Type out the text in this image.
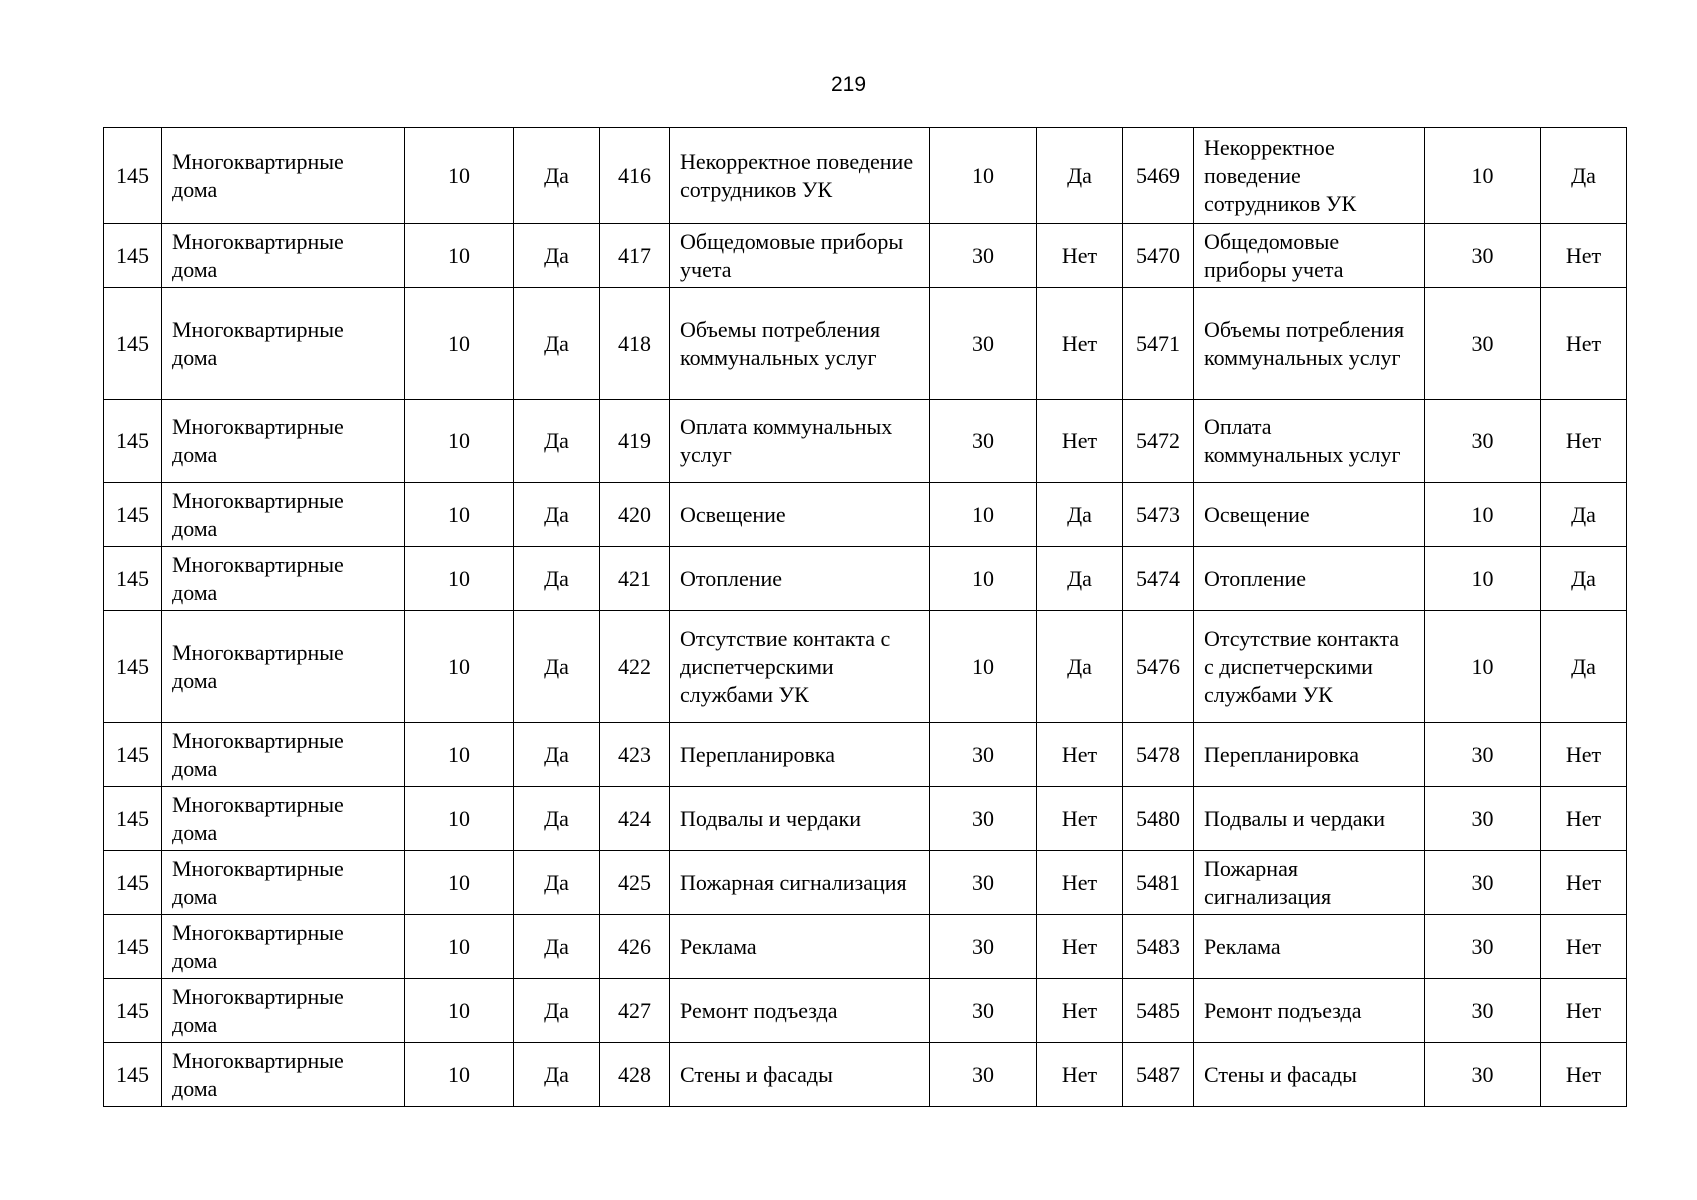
219
145	Многоквартирные дома	10	Да	416	Некорректное поведение сотрудников УК	10	Да	5469	Некорректное поведение сотрудников УК	10	Да
145	Многоквартирные дома	10	Да	417	Общедомовые приборы учета	30	Нет	5470	Общедомовые приборы учета	30	Нет
145	Многоквартирные дома	10	Да	418	Объемы потребления коммунальных услуг	30	Нет	5471	Объемы потребления коммунальных услуг	30	Нет
145	Многоквартирные дома	10	Да	419	Оплата коммунальных услуг	30	Нет	5472	Оплата коммунальных услуг	30	Нет
145	Многоквартирные дома	10	Да	420	Освещение	10	Да	5473	Освещение	10	Да
145	Многоквартирные дома	10	Да	421	Отопление	10	Да	5474	Отопление	10	Да
145	Многоквартирные дома	10	Да	422	Отсутствие контакта с диспетчерскими службами УК	10	Да	5476	Отсутствие контакта с диспетчерскими службами УК	10	Да
145	Многоквартирные дома	10	Да	423	Перепланировка	30	Нет	5478	Перепланировка	30	Нет
145	Многоквартирные дома	10	Да	424	Подвалы и чердаки	30	Нет	5480	Подвалы и чердаки	30	Нет
145	Многоквартирные дома	10	Да	425	Пожарная сигнализация	30	Нет	5481	Пожарная сигнализация	30	Нет
145	Многоквартирные дома	10	Да	426	Реклама	30	Нет	5483	Реклама	30	Нет
145	Многоквартирные дома	10	Да	427	Ремонт подъезда	30	Нет	5485	Ремонт подъезда	30	Нет
145	Многоквартирные дома	10	Да	428	Стены и фасады	30	Нет	5487	Стены и фасады	30	Нет
